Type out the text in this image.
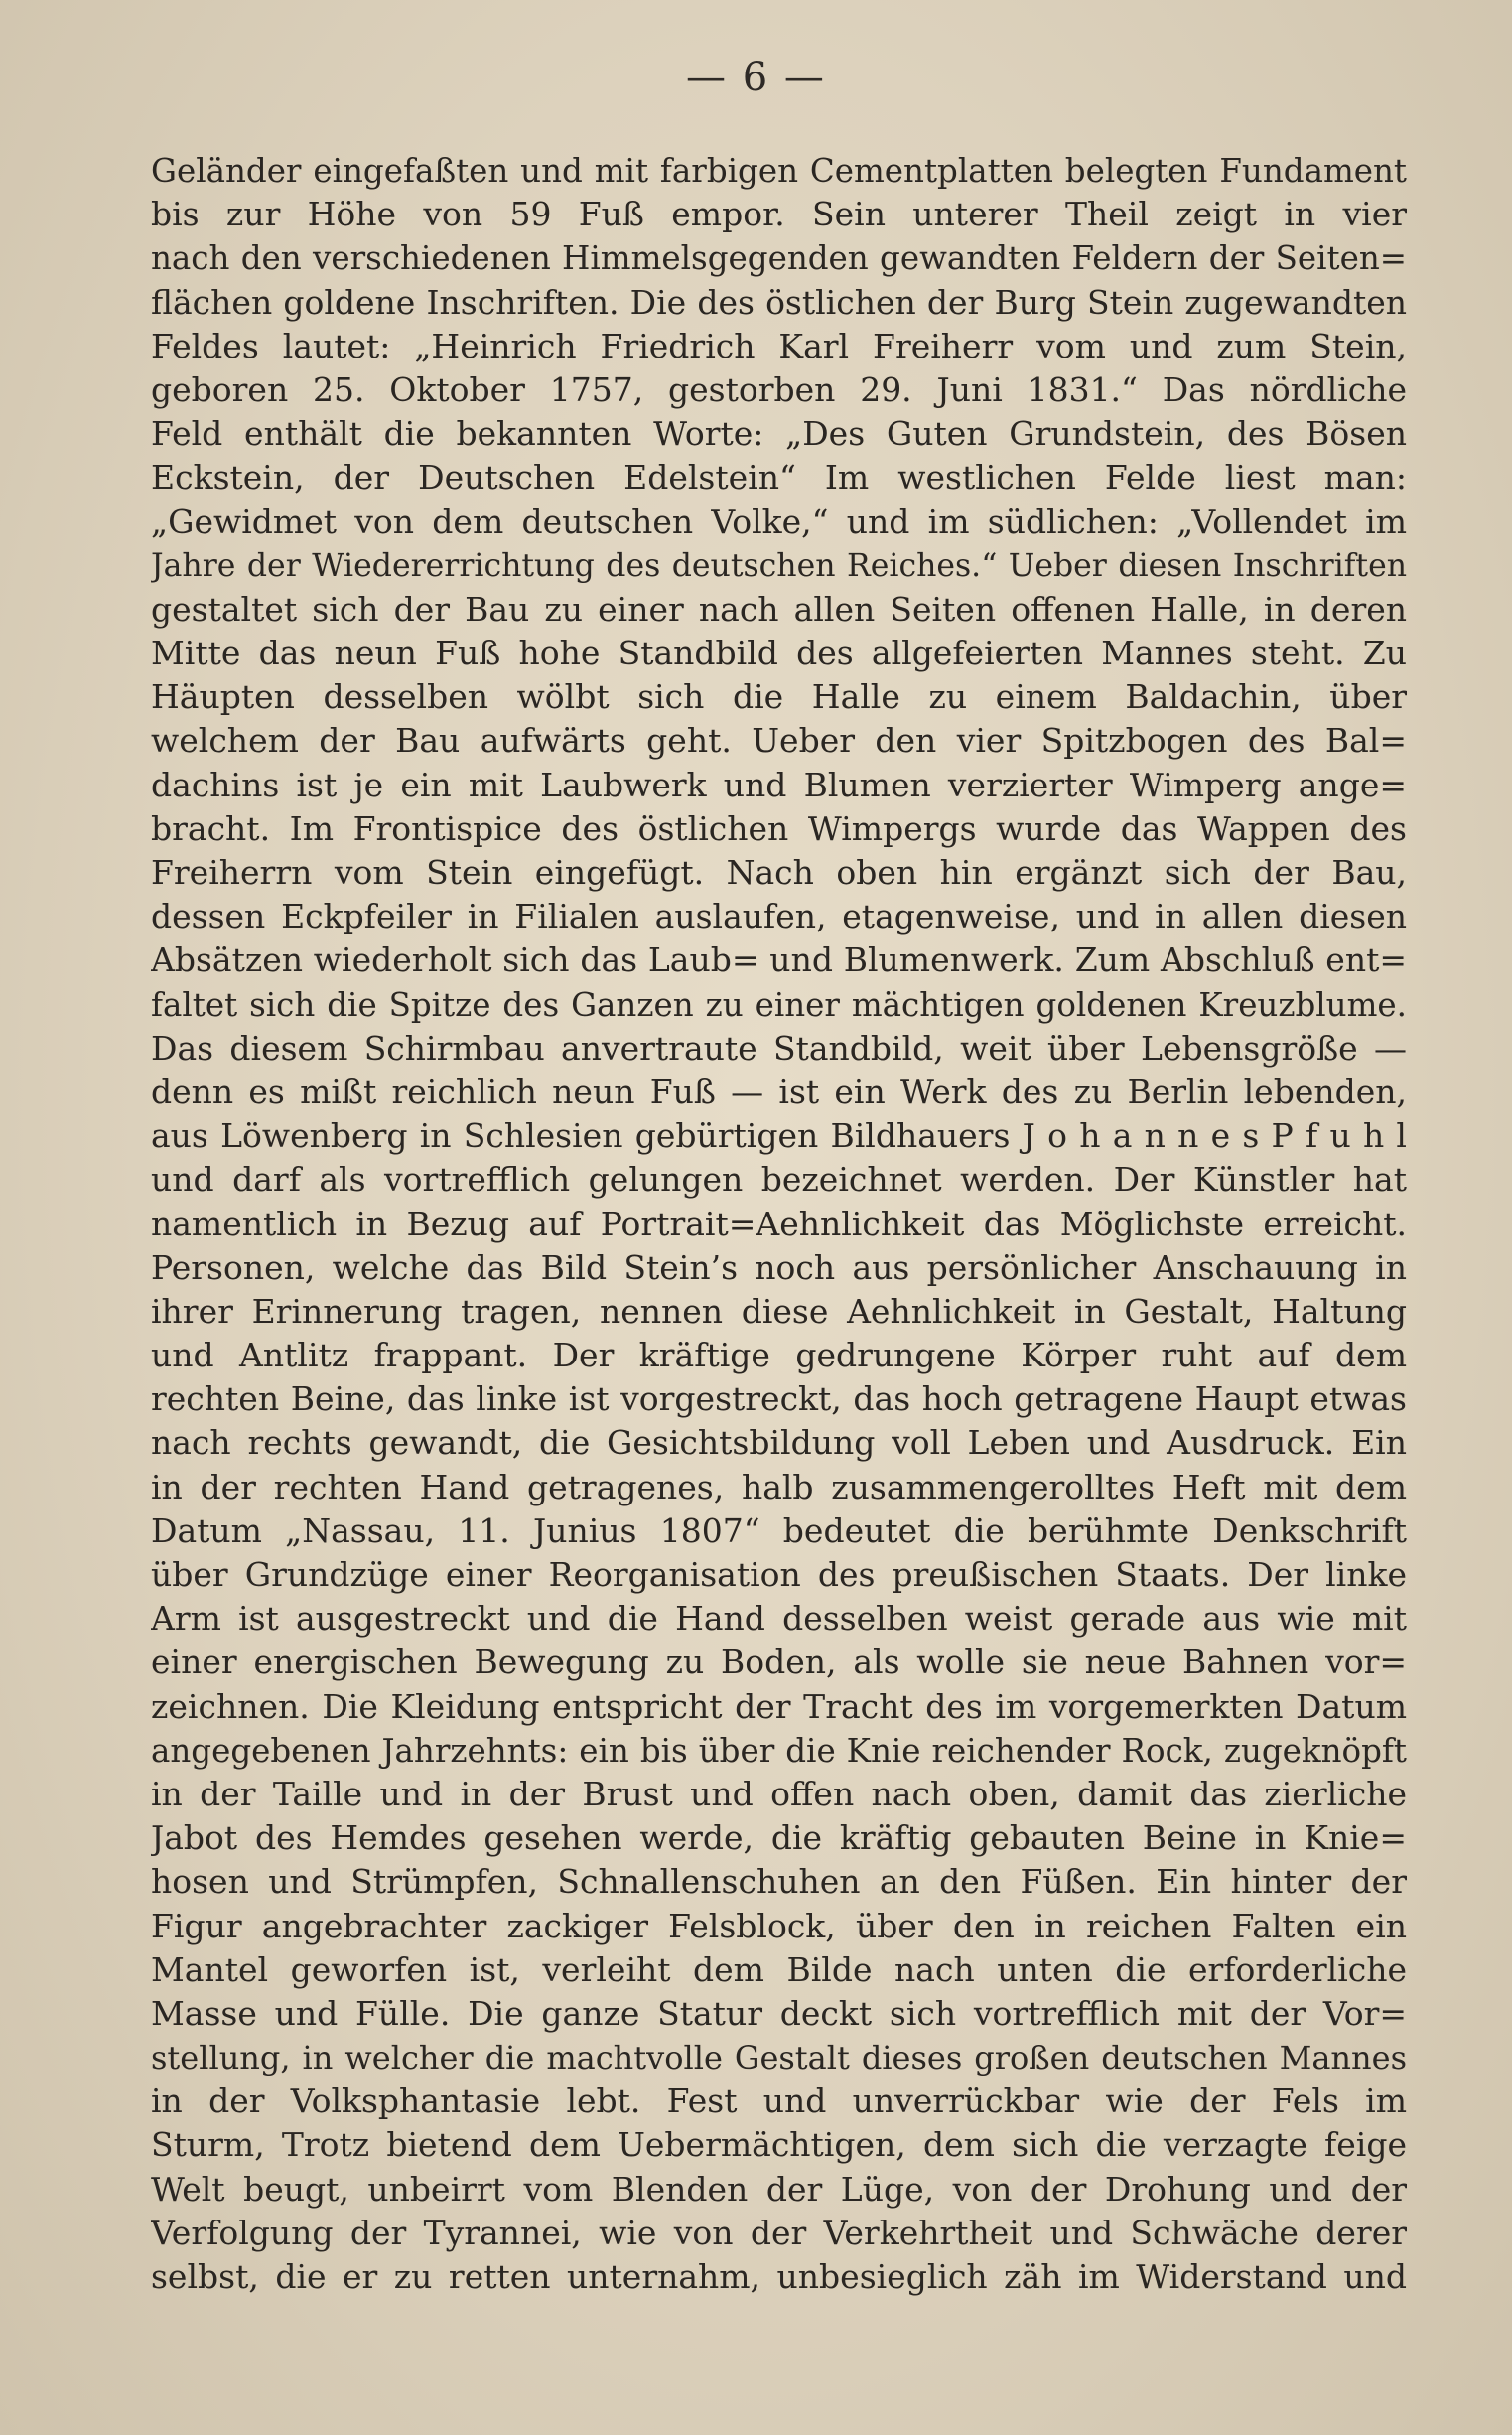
— 6 —
Geländer eingefaßten und mit farbigen Cementplatten belegten Fundament
bis zur Höhe von 59 Fuß empor. Sein unterer Theil zeigt in vier
nach den verschiedenen Himmelsgegenden gewandten Feldern der Seiten=
flächen goldene Inschriften. Die des östlichen der Burg Stein zugewandten
Feldes lautet: „Heinrich Friedrich Karl Freiherr vom und zum Stein,
geboren 25. Oktober 1757, gestorben 29. Juni 1831.“ Das nördliche
Feld enthält die bekannten Worte: „Des Guten Grundstein, des Bösen
Eckstein, der Deutschen Edelstein“ Im westlichen Felde liest man:
„Gewidmet von dem deutschen Volke,“ und im südlichen: „Vollendet im
Jahre der Wiedererrichtung des deutschen Reiches.“ Ueber diesen Inschriften
gestaltet sich der Bau zu einer nach allen Seiten offenen Halle, in deren
Mitte das neun Fuß hohe Standbild des allgefeierten Mannes steht. Zu
Häupten desselben wölbt sich die Halle zu einem Baldachin, über
welchem der Bau aufwärts geht. Ueber den vier Spitzbogen des Bal=
dachins ist je ein mit Laubwerk und Blumen verzierter Wimperg ange=
bracht. Im Frontispice des östlichen Wimpergs wurde das Wappen des
Freiherrn vom Stein eingefügt. Nach oben hin ergänzt sich der Bau,
dessen Eckpfeiler in Filialen auslaufen, etagenweise, und in allen diesen
Absätzen wiederholt sich das Laub= und Blumenwerk. Zum Abschluß ent=
faltet sich die Spitze des Ganzen zu einer mächtigen goldenen Kreuzblume.
Das diesem Schirmbau anvertraute Standbild, weit über Lebensgröße —
denn es mißt reichlich neun Fuß — ist ein Werk des zu Berlin lebenden,
aus Löwenberg in Schlesien gebürtigen Bildhauers J o h a n n e s P f u h l
und darf als vortrefflich gelungen bezeichnet werden. Der Künstler hat
namentlich in Bezug auf Portrait=Aehnlichkeit das Möglichste erreicht.
Personen, welche das Bild Stein’s noch aus persönlicher Anschauung in
ihrer Erinnerung tragen, nennen diese Aehnlichkeit in Gestalt, Haltung
und Antlitz frappant. Der kräftige gedrungene Körper ruht auf dem
rechten Beine, das linke ist vorgestreckt, das hoch getragene Haupt etwas
nach rechts gewandt, die Gesichtsbildung voll Leben und Ausdruck. Ein
in der rechten Hand getragenes, halb zusammengerolltes Heft mit dem
Datum „Nassau, 11. Junius 1807“ bedeutet die berühmte Denkschrift
über Grundzüge einer Reorganisation des preußischen Staats. Der linke
Arm ist ausgestreckt und die Hand desselben weist gerade aus wie mit
einer energischen Bewegung zu Boden, als wolle sie neue Bahnen vor=
zeichnen. Die Kleidung entspricht der Tracht des im vorgemerkten Datum
angegebenen Jahrzehnts: ein bis über die Knie reichender Rock, zugeknöpft
in der Taille und in der Brust und offen nach oben, damit das zierliche
Jabot des Hemdes gesehen werde, die kräftig gebauten Beine in Knie=
hosen und Strümpfen, Schnallenschuhen an den Füßen. Ein hinter der
Figur angebrachter zackiger Felsblock, über den in reichen Falten ein
Mantel geworfen ist, verleiht dem Bilde nach unten die erforderliche
Masse und Fülle. Die ganze Statur deckt sich vortrefflich mit der Vor=
stellung, in welcher die machtvolle Gestalt dieses großen deutschen Mannes
in der Volksphantasie lebt. Fest und unverrückbar wie der Fels im
Sturm, Trotz bietend dem Uebermächtigen, dem sich die verzagte feige
Welt beugt, unbeirrt vom Blenden der Lüge, von der Drohung und der
Verfolgung der Tyrannei, wie von der Verkehrtheit und Schwäche derer
selbst, die er zu retten unternahm, unbesieglich zäh im Widerstand und
